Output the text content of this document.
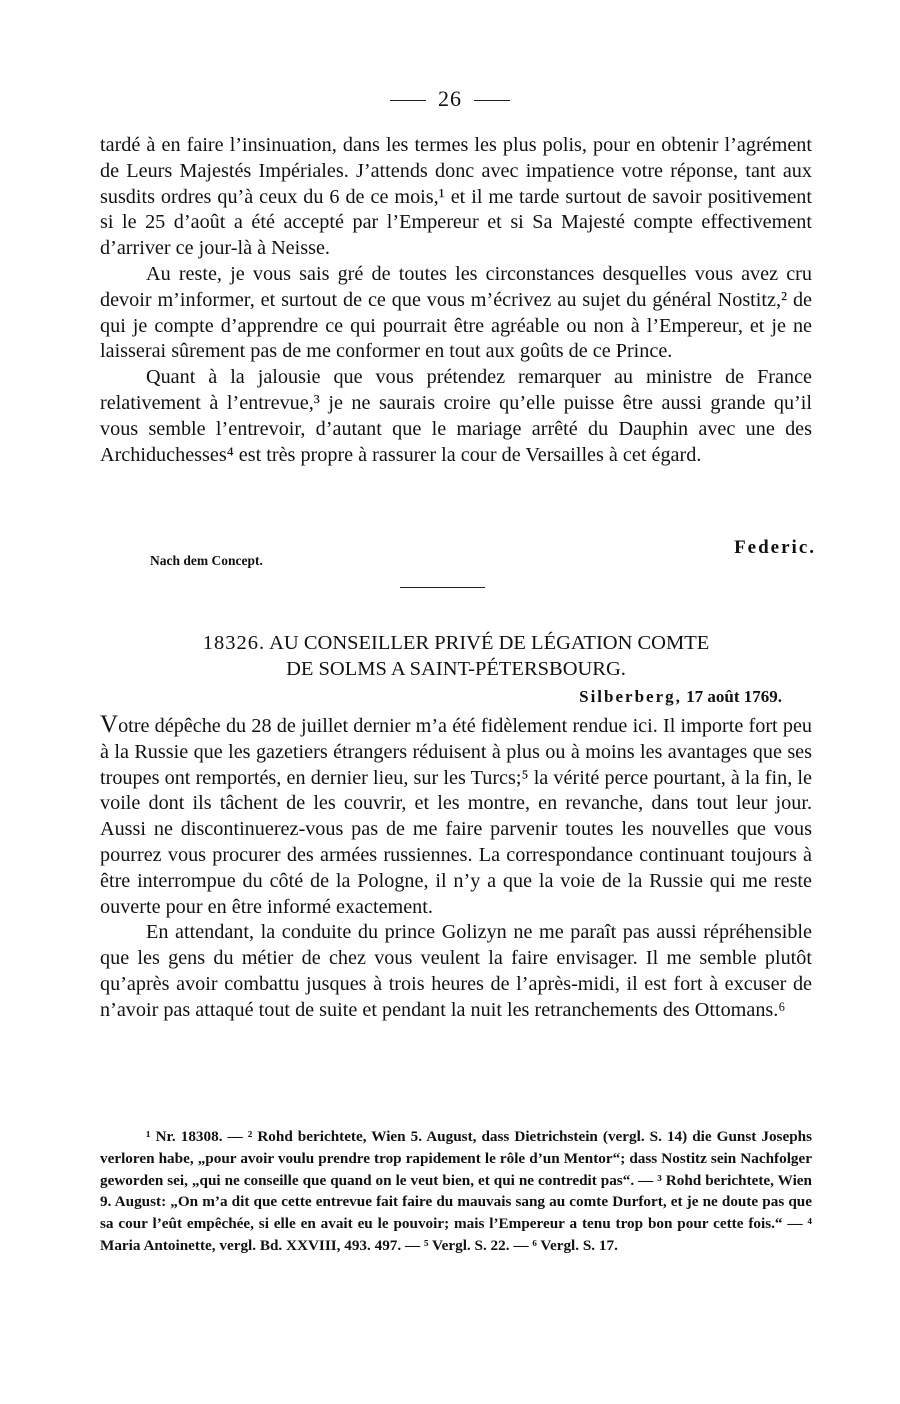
26

tardé à en faire l’insinuation, dans les termes les plus polis, pour en obtenir l’agrément de Leurs Majestés Impériales. J’attends donc avec impatience votre réponse, tant aux susdits ordres qu’à ceux du 6 de ce mois,¹ et il me tarde surtout de savoir positivement si le 25 d’août a été accepté par l’Empereur et si Sa Majesté compte effectivement d’arriver ce jour-là à Neisse.

Au reste, je vous sais gré de toutes les circonstances desquelles vous avez cru devoir m’informer, et surtout de ce que vous m’écrivez au sujet du général Nostitz,² de qui je compte d’apprendre ce qui pourrait être agréable ou non à l’Empereur, et je ne laisserai sûrement pas de me conformer en tout aux goûts de ce Prince.

Quant à la jalousie que vous prétendez remarquer au ministre de France relativement à l’entrevue,³ je ne saurais croire qu’elle puisse être aussi grande qu’il vous semble l’entrevoir, d’autant que le mariage arrêté du Dauphin avec une des Archiduchesses⁴ est très propre à rassurer la cour de Versailles à cet égard.

Federic.
Nach dem Concept.
18326. AU CONSEILLER PRIVÉ DE LÉGATION COMTE
DE SOLMS A SAINT-PÉTERSBOURG.
Silberberg, 17 août 1769.

Votre dépêche du 28 de juillet dernier m’a été fidèlement rendue ici. Il importe fort peu à la Russie que les gazetiers étrangers réduisent à plus ou à moins les avantages que ses troupes ont remportés, en dernier lieu, sur les Turcs;⁵ la vérité perce pourtant, à la fin, le voile dont ils tâchent de les couvrir, et les montre, en revanche, dans tout leur jour. Aussi ne discontinuerez-vous pas de me faire parvenir toutes les nouvelles que vous pourrez vous procurer des armées russiennes. La correspondance continuant toujours à être interrompue du côté de la Pologne, il n’y a que la voie de la Russie qui me reste ouverte pour en être informé exactement.

En attendant, la conduite du prince Golizyn ne me paraît pas aussi répréhensible que les gens du métier de chez vous veulent la faire envisager. Il me semble plutôt qu’après avoir combattu jusques à trois heures de l’après-midi, il est fort à excuser de n’avoir pas attaqué tout de suite et pendant la nuit les retranchements des Ottomans.⁶

¹ Nr. 18308. — ² Rohd berichtete, Wien 5. August, dass Dietrichstein (vergl. S. 14) die Gunst Josephs verloren habe, „pour avoir voulu prendre trop rapidement le rôle d’un Mentor“; dass Nostitz sein Nachfolger geworden sei, „qui ne conseille que quand on le veut bien, et qui ne contredit pas“. — ³ Rohd berichtete, Wien 9. August: „On m’a dit que cette entrevue fait faire du mauvais sang au comte Durfort, et je ne doute pas que sa cour l’eût empêchée, si elle en avait eu le pouvoir; mais l’Empereur a tenu trop bon pour cette fois.“ — ⁴ Maria Antoinette, vergl. Bd. XXVIII, 493. 497. — ⁵ Vergl. S. 22. — ⁶ Vergl. S. 17.
